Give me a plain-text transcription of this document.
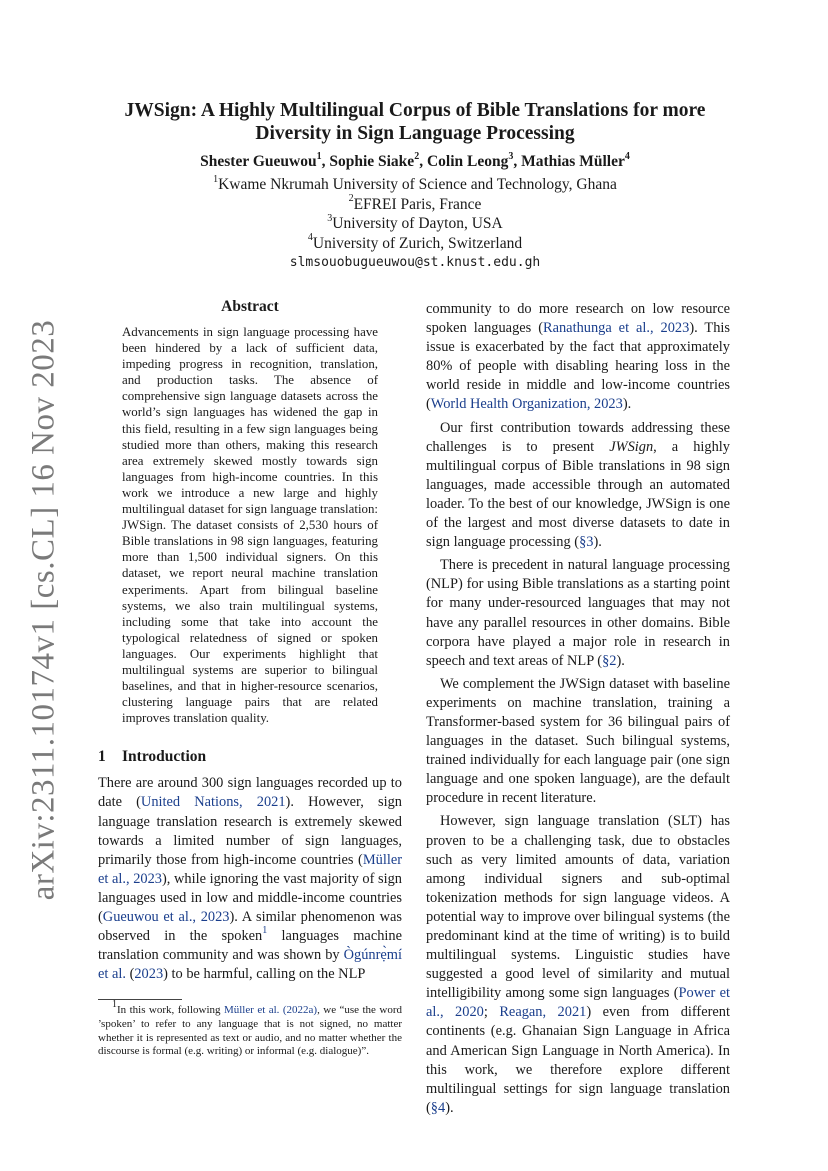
arXiv:2311.10174v1 [cs.CL] 16 Nov 2023
JWSign: A Highly Multilingual Corpus of Bible Translations for more Diversity in Sign Language Processing
Shester Gueuwou$^1$, Sophie Siake$^2$, Colin Leong$^3$, Mathias Müller$^4$
$^1$Kwame Nkrumah University of Science and Technology, Ghana
$^2$EFREI Paris, France
$^3$University of Dayton, USA
$^4$University of Zurich, Switzerland
slmsouobugueuwou@st.knust.edu.gh
Abstract

Advancements in sign language processing have been hindered by a lack of sufficient data, impeding progress in recognition, translation, and production tasks. The absence of comprehensive sign language datasets across the world’s sign languages has widened the gap in this field, resulting in a few sign languages being studied more than others, making this research area extremely skewed mostly towards sign languages from high-income countries. In this work we introduce a new large and highly multilingual dataset for sign language translation: JWSign. The dataset consists of 2,530 hours of Bible translations in 98 sign languages, featuring more than 1,500 individual signers. On this dataset, we report neural machine translation experiments. Apart from bilingual baseline systems, we also train multilingual systems, including some that take into account the typological relatedness of signed or spoken languages. Our experiments highlight that multilingual systems are superior to bilingual baselines, and that in higher-resource scenarios, clustering language pairs that are related improves translation quality.

1 Introduction

There are around 300 sign languages recorded up to date (United Nations, 2021). However, sign language translation research is extremely skewed towards a limited number of sign languages, primarily those from high-income countries (Müller et al., 2023), while ignoring the vast majority of sign languages used in low and middle-income countries (Gueuwou et al., 2023). A similar phenomenon was observed in the spoken$^1$ languages machine translation community and was shown by Ògúnrẹ̀mí et al. (2023) to be harmful, calling on the NLP

$^1$In this work, following Müller et al. (2022a), we “use the word ’spoken’ to refer to any language that is not signed, no matter whether it is represented as text or audio, and no matter whether the discourse is formal (e.g. writing) or informal (e.g. dialogue)”.

community to do more research on low resource spoken languages (Ranathunga et al., 2023). This issue is exacerbated by the fact that approximately 80% of people with disabling hearing loss in the world reside in middle and low-income countries (World Health Organization, 2023).

Our first contribution towards addressing these challenges is to present JWSign, a highly multilingual corpus of Bible translations in 98 sign languages, made accessible through an automated loader. To the best of our knowledge, JWSign is one of the largest and most diverse datasets to date in sign language processing (§3).

There is precedent in natural language processing (NLP) for using Bible translations as a starting point for many under-resourced languages that may not have any parallel resources in other domains. Bible corpora have played a major role in research in speech and text areas of NLP (§2).

We complement the JWSign dataset with baseline experiments on machine translation, training a Transformer-based system for 36 bilingual pairs of languages in the dataset. Such bilingual systems, trained individually for each language pair (one sign language and one spoken language), are the default procedure in recent literature.

However, sign language translation (SLT) has proven to be a challenging task, due to obstacles such as very limited amounts of data, variation among individual signers and sub-optimal tokenization methods for sign language videos. A potential way to improve over bilingual systems (the predominant kind at the time of writing) is to build multilingual systems. Linguistic studies have suggested a good level of similarity and mutual intelligibility among some sign languages (Power et al., 2020; Reagan, 2021) even from different continents (e.g. Ghanaian Sign Language in Africa and American Sign Language in North America). In this work, we therefore explore different multilingual settings for sign language translation (§4).
